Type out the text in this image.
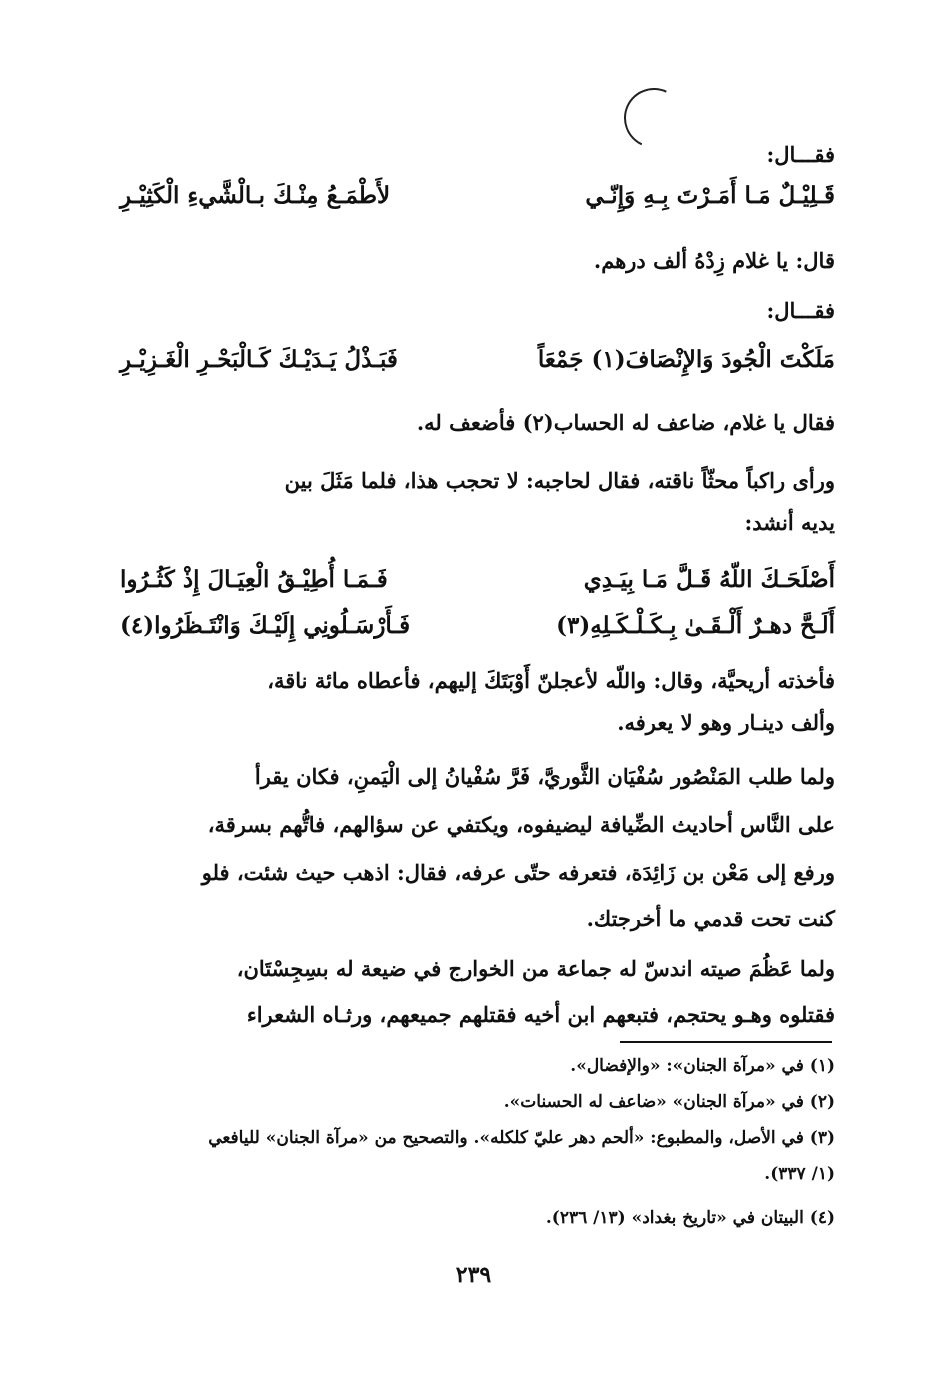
فقـــال:
قَـلِيْـلٌ مَـا أَمَـرْتَ بِـهِ وَإِنّـي
لأَطْمَـعُ مِنْـكَ بـالْشَّيءِ الْكَثِيْـرِ
قال: يا غلام زِدْهُ ألف درهم.
فقـــال:
مَلَكْتَ الْجُودَ وَالإِنْصَافَ(١) جَمْعَاً
فَبَـذْلُ يَـدَيْـكَ كَـالْبَحْـرِ الْغَـزِيْـرِ
فقال يا غلام، ضاعف له الحساب(٢) فأضعف له.
ورأى راكباً محثّاً ناقته، فقال لحاجبه: لا تحجب هذا، فلما مَثَلَ بين
يديه أنشد:
أَصْلَحَـكَ اللّهُ قَـلَّ مَـا بِيَـدِي
فَـمَـا أُطِيْـقُ الْعِيَـالَ إِذْ كَثُـرُوا
أَلَـحَّ دهـرٌ أَلْـقَـىٰ بِـكَـلْـكَـلِهِ(٣)
فَـأَرْسَـلُونِي إِلَيْـكَ وَانْتَـظَرُوا(٤)
فأخذته أريحيَّة، وقال: واللّه لأعجلنّ أَوْبَتَكَ إليهم، فأعطاه مائة ناقة،
وألف دينـار وهو لا يعرفه.
ولما طلب المَنْصُور سُفْيَان الثَّوريَّ، فَرَّ سُفْيانُ إلى الْيَمنِ، فكان يقرأ
على النَّاس أحاديث الضِّيافة ليضيفوه، ويكتفي عن سؤالهم، فاتُّهم بسرقة،
ورفع إلى مَعْن بن زَائِدَة، فتعرفه حتّى عرفه، فقال: اذهب حيث شئت، فلو
كنت تحت قدمي ما أخرجتك.
ولما عَظُمَ صيته اندسّ له جماعة من الخوارج في ضيعة له بسِجِسْتَان،
فقتلوه وهـو يحتجم، فتبعهم ابن أخيه فقتلهم جميعهم، ورثـاه الشعراء
(١) في «مرآة الجنان»: «والإفضال».
(٢) في «مرآة الجنان» «ضاعف له الحسنات».
(٣) في الأصل، والمطبوع: «ألحم دهر عليّ كلكله». والتصحيح من «مرآة الجنان» لليافعي
(١/ ٣٣٧).
(٤) البيتان في «تاريخ بغداد» (١٣/ ٢٣٦).
٢٣٩
